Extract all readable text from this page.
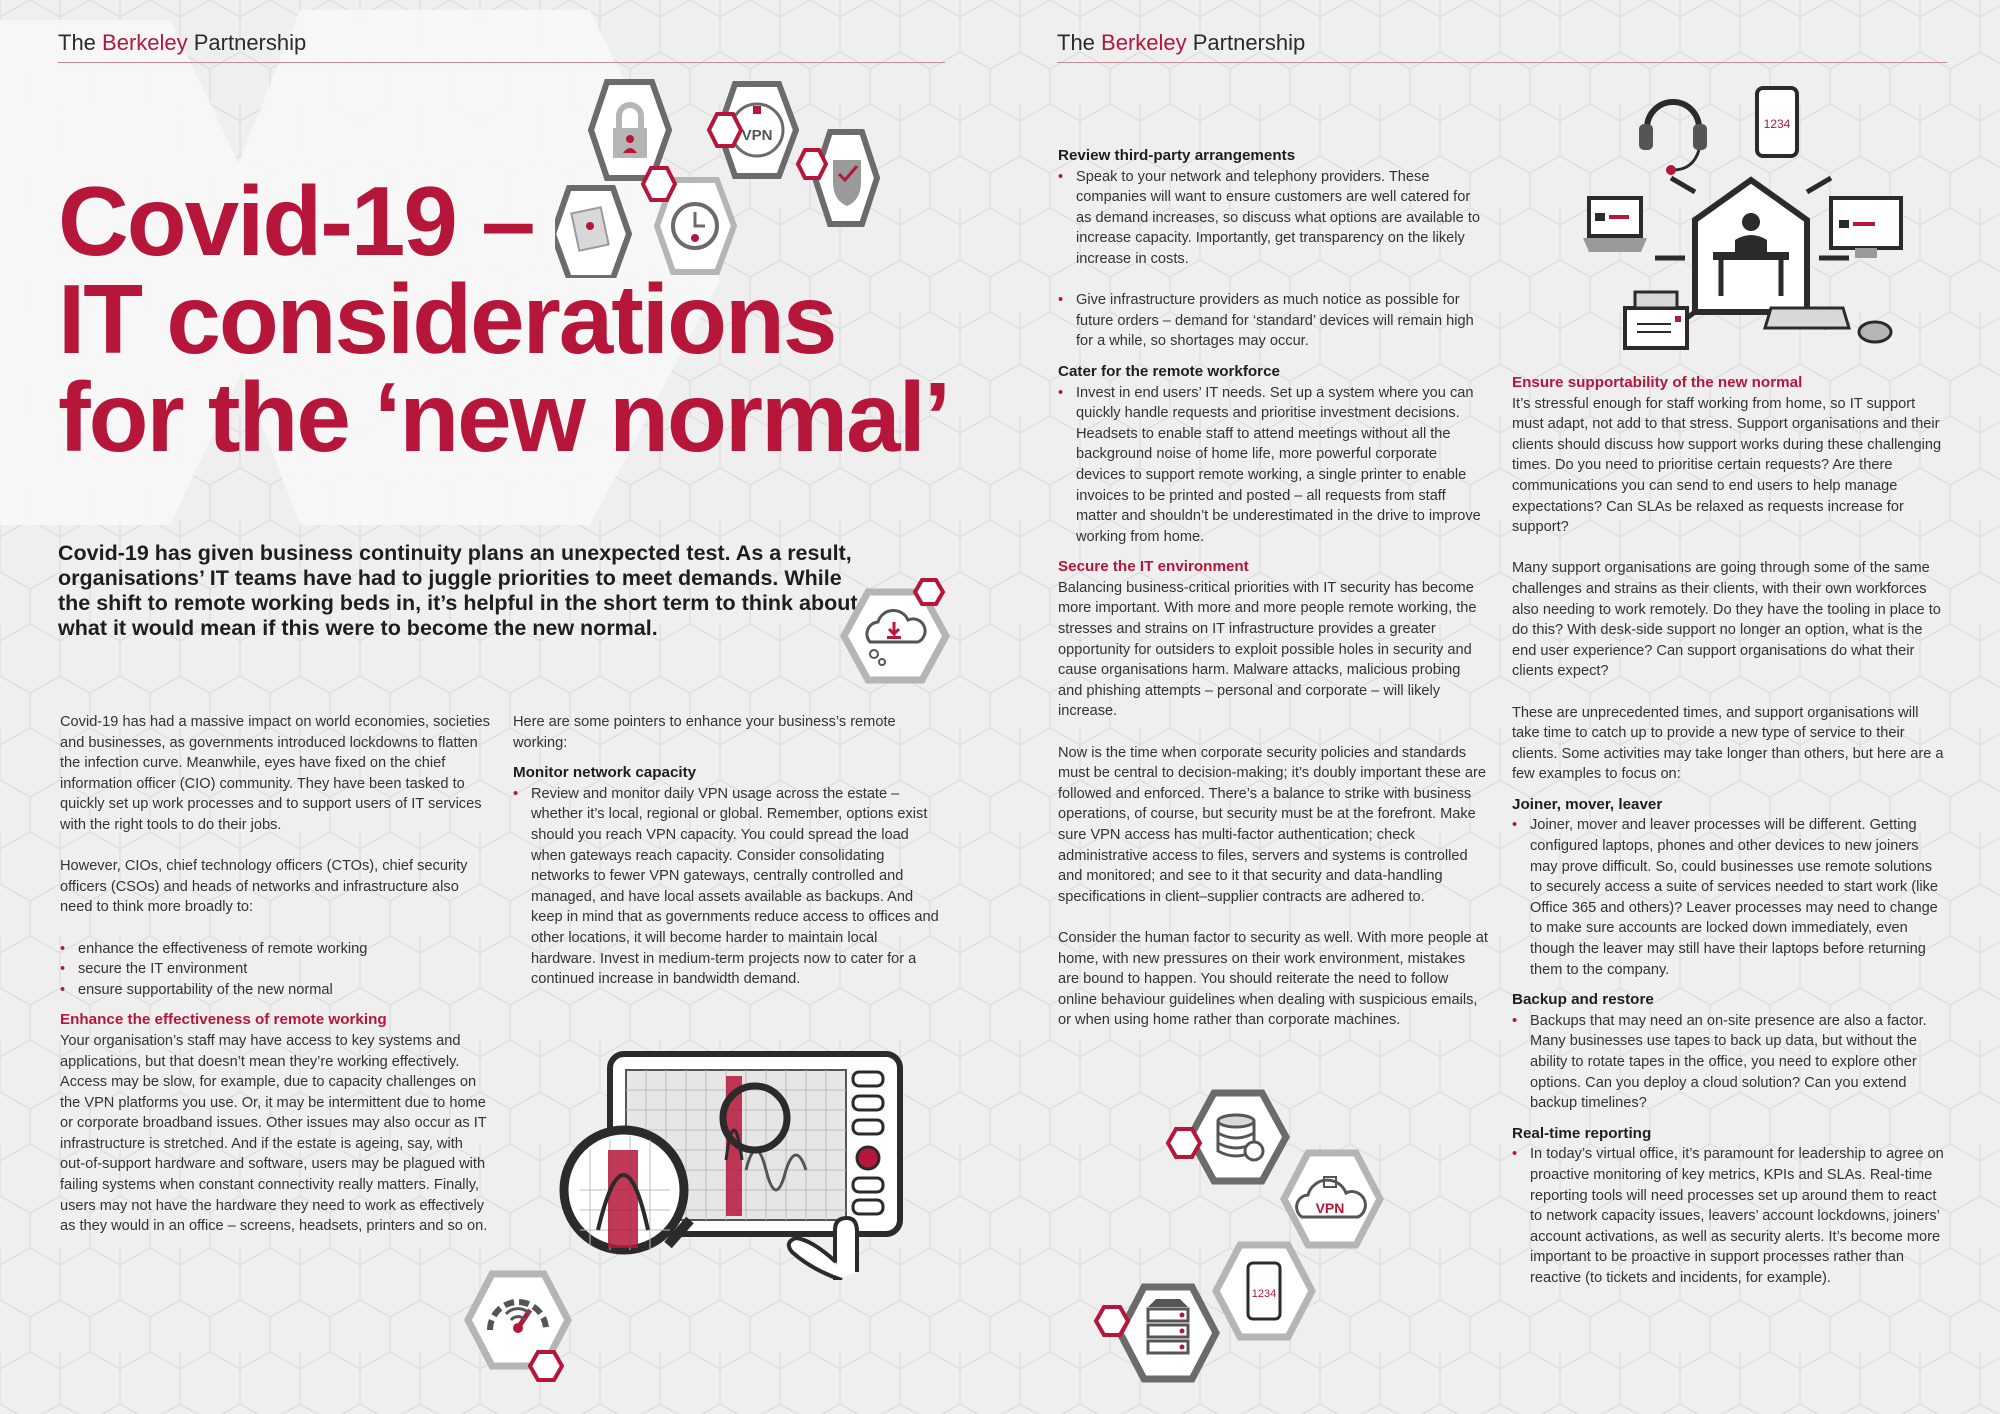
The Berkeley Partnership
VPN
Covid-19 –
IT considerations
for the ‘new normal’

Covid-19 has given business continuity plans an unexpected test. As a result, organisations’ IT teams have had to juggle priorities to meet demands. While the shift to remote working beds in, it’s helpful in the short term to think about what it would mean if this were to become the new normal.

Covid-19 has had a massive impact on world economies, societies and businesses, as governments introduced lockdowns to flatten the infection curve. Meanwhile, eyes have fixed on the chief information officer (CIO) community. They have been tasked to quickly set up work processes and to support users of IT services with the right tools to do their jobs.

However, CIOs, chief technology officers (CTOs), chief security officers (CSOs) and heads of networks and infrastructure also need to think more broadly to:

• enhance the effectiveness of remote working
• secure the IT environment
• ensure supportability of the new normal
Enhance the effectiveness of remote working

Your organisation’s staff may have access to key systems and applications, but that doesn’t mean they’re working effectively. Access may be slow, for example, due to capacity challenges on the VPN platforms you use. Or, it may be intermittent due to home or corporate broadband issues. Other issues may also occur as IT infrastructure is stretched. And if the estate is ageing, say, with out-of-support hardware and software, users may be plagued with failing systems when constant connectivity really matters. Finally, users may not have the hardware they need to work as effectively as they would in an office – screens, headsets, printers and so on.

Here are some pointers to enhance your business’s remote working:

Monitor network capacity
• Review and monitor daily VPN usage across the estate – whether it’s local, regional or global. Remember, options exist should you reach VPN capacity. You could spread the load when gateways reach capacity. Consider consolidating networks to fewer VPN gateways, centrally controlled and managed, and have local assets available as backups. And keep in mind that as governments reduce access to offices and other locations, it will become harder to maintain local hardware. Invest in medium-term projects now to cater for a continued increase in bandwidth demand.
The Berkeley Partnership
1234
Review third-party arrangements
• Speak to your network and telephony providers. These companies will want to ensure customers are well catered for as demand increases, so discuss what options are available to increase capacity. Importantly, get transparency on the likely increase in costs.
• Give infrastructure providers as much notice as possible for future orders – demand for ‘standard’ devices will remain high for a while, so shortages may occur.
Cater for the remote workforce
• Invest in end users’ IT needs. Set up a system where you can quickly handle requests and prioritise investment decisions. Headsets to enable staff to attend meetings without all the background noise of home life, more powerful corporate devices to support remote working, a single printer to enable invoices to be printed and posted – all requests from staff matter and shouldn’t be underestimated in the drive to improve working from home.
Secure the IT environment

Balancing business-critical priorities with IT security has become more important. With more and more people remote working, the stresses and strains on IT infrastructure provides a greater opportunity for outsiders to exploit possible holes in security and cause organisations harm. Malware attacks, malicious probing and phishing attempts – personal and corporate – will likely increase.

Now is the time when corporate security policies and standards must be central to decision-making; it’s doubly important these are followed and enforced. There’s a balance to strike with business operations, of course, but security must be at the forefront. Make sure VPN access has multi-factor authentication; check administrative access to files, servers and systems is controlled and monitored; and see to it that security and data-handling specifications in client–supplier contracts are adhered to.

Consider the human factor to security as well. With more people at home, with new pressures on their work environment, mistakes are bound to happen. You should reiterate the need to follow online behaviour guidelines when dealing with suspicious emails, or when using home rather than corporate machines.

Ensure supportability of the new normal

It’s stressful enough for staff working from home, so IT support must adapt, not add to that stress. Support organisations and their clients should discuss how support works during these challenging times. Do you need to prioritise certain requests? Are there communications you can send to end users to help manage expectations? Can SLAs be relaxed as requests increase for support?

Many support organisations are going through some of the same challenges and strains as their clients, with their own workforces also needing to work remotely. Do they have the tooling in place to do this? With desk-side support no longer an option, what is the end user experience? Can support organisations do what their clients expect?

These are unprecedented times, and support organisations will take time to catch up to provide a new type of service to their clients. Some activities may take longer than others, but here are a few examples to focus on:

Joiner, mover, leaver
• Joiner, mover and leaver processes will be different. Getting configured laptops, phones and other devices to new joiners may prove difficult. So, could businesses use remote solutions to securely access a suite of services needed to start work (like Office 365 and others)? Leaver processes may need to change to make sure accounts are locked down immediately, even though the leaver may still have their laptops before returning them to the company.
Backup and restore
• Backups that may need an on-site presence are also a factor. Many businesses use tapes to back up data, but without the ability to rotate tapes in the office, you need to explore other options. Can you deploy a cloud solution? Can you extend backup timelines?
Real-time reporting
• In today’s virtual office, it’s paramount for leadership to agree on proactive monitoring of key metrics, KPIs and SLAs. Real-time reporting tools will need processes set up around them to react to network capacity issues, leavers’ account lockdowns, joiners’ account activations, as well as security alerts. It’s become more important to be proactive in support processes rather than reactive (to tickets and incidents, for example).
VPN
1234
